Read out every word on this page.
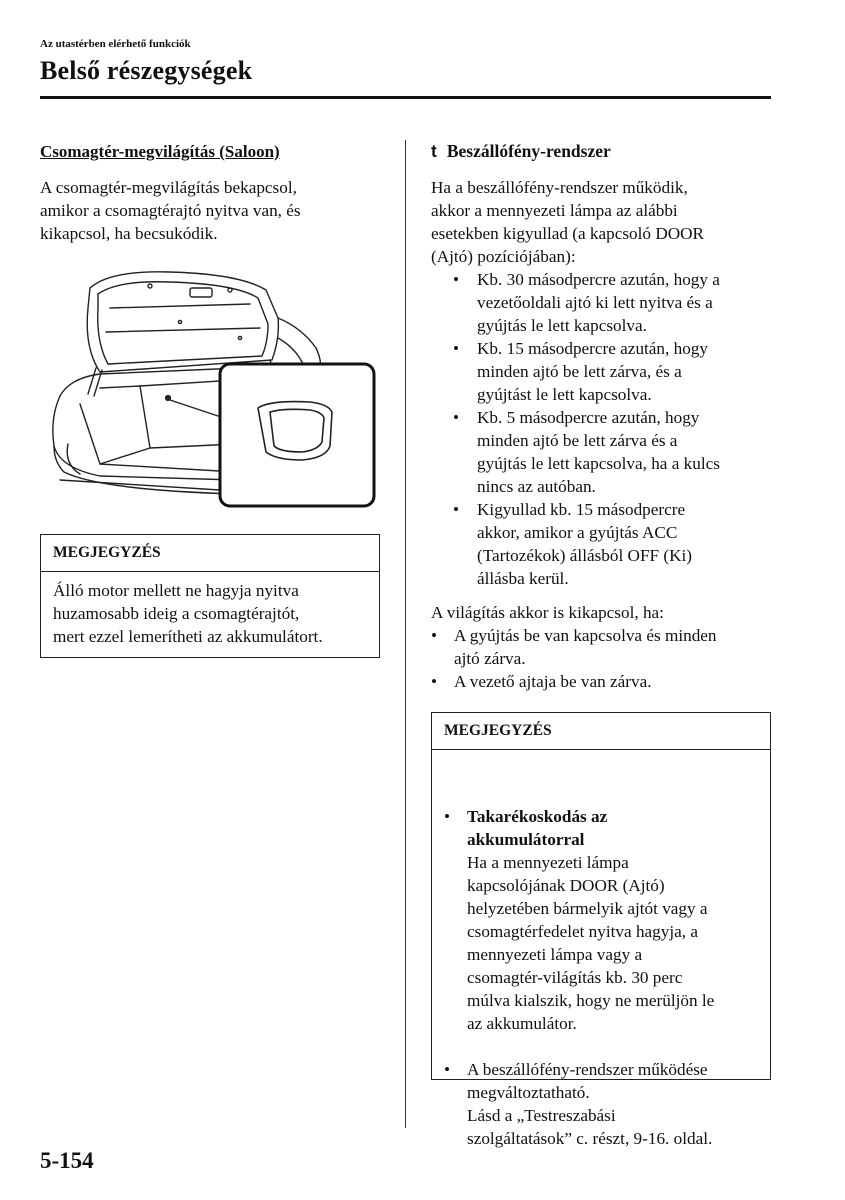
Az utastérben elérhető funkciók
Belső részegységek

Csomagtér-megvilágítás (Saloon)

A csomagtér-megvilágítás bekapcsol,
amikor a csomagtérajtó nyitva van, és
kikapcsol, ha becsukódik.

MEGJEGYZÉS
Álló motor mellett ne hagyja nyitva
huzamosabb ideig a csomagtérajtót,
mert ezzel lemerítheti az akkumulátort.

t Beszállófény-rendszer

Ha a beszállófény-rendszer működik,
akkor a mennyezeti lámpa az alábbi
esetekben kigyullad (a kapcsoló DOOR
(Ajtó) pozíciójában):

• Kb. 30 másodpercre azután, hogy a
vezetőoldali ajtó ki lett nyitva és a
gyújtás le lett kapcsolva.
• Kb. 15 másodpercre azután, hogy
minden ajtó be lett zárva, és a
gyújtást le lett kapcsolva.
• Kb. 5 másodpercre azután, hogy
minden ajtó be lett zárva és a
gyújtás le lett kapcsolva, ha a kulcs
nincs az autóban.
• Kigyullad kb. 15 másodpercre
akkor, amikor a gyújtás ACC
(Tartozékok) állásból OFF (Ki)
állásba kerül.

A világítás akkor is kikapcsol, ha:

• A gyújtás be van kapcsolva és minden
ajtó zárva.
• A vezető ajtaja be van zárva.
MEGJEGYZÉS

• Takarékoskodás az
akkumulátorral
Ha a mennyezeti lámpa
kapcsolójának DOOR (Ajtó)
helyzetében bármelyik ajtót vagy a
csomagtérfedelet nyitva hagyja, a
mennyezeti lámpa vagy a
csomagtér-világítás kb. 30 perc
múlva kialszik, hogy ne merüljön le
az akkumulátor.

• A beszállófény-rendszer működése
megváltoztatható.
Lásd a „Testreszabási
szolgáltatások” c. részt, 9-16. oldal.

5-154
